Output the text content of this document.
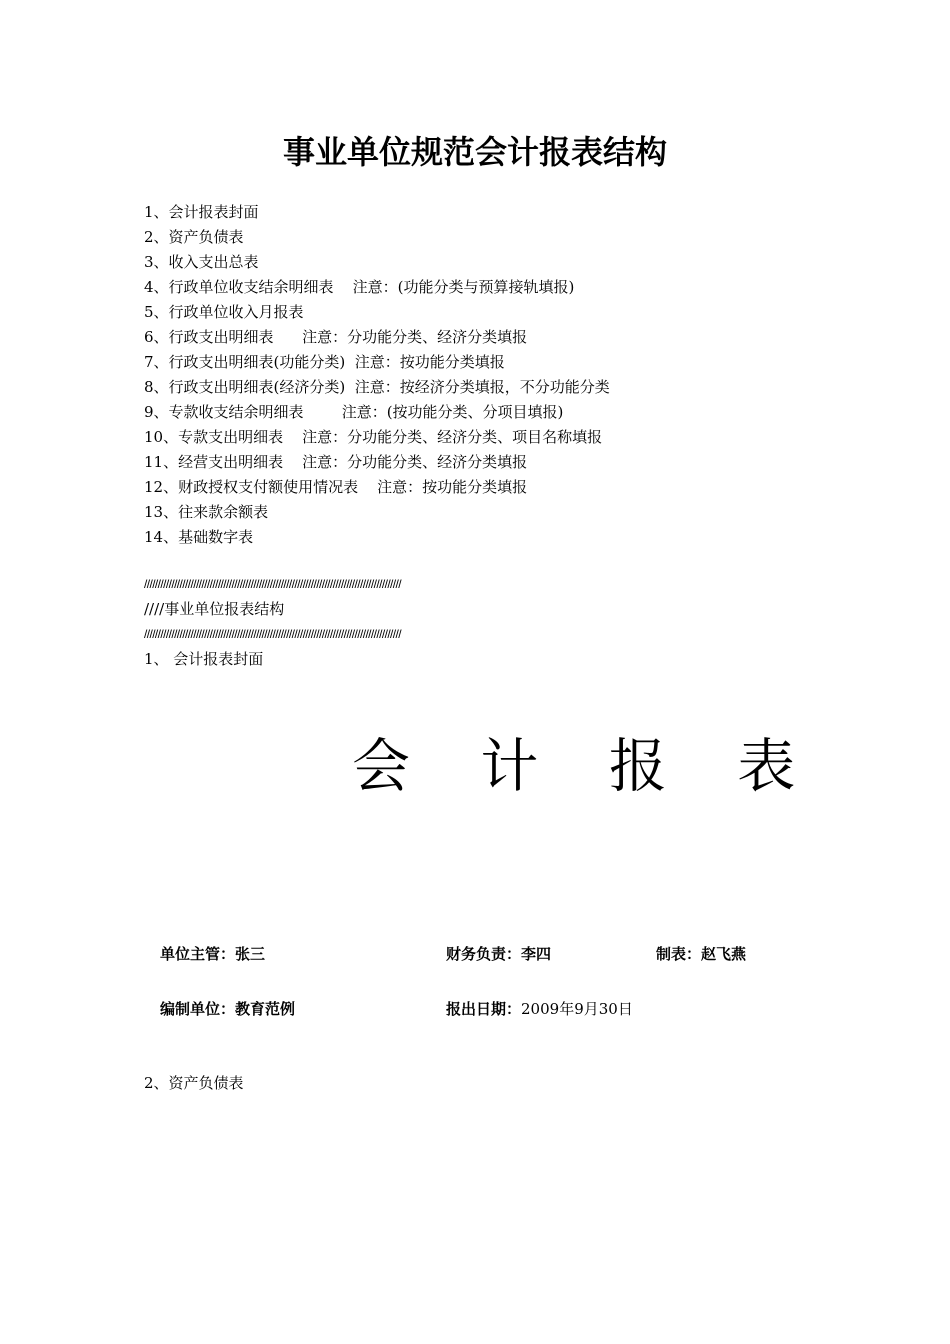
事业单位规范会计报表结构
1、会计报表封面
2、资产负债表
3、收入支出总表
4、行政单位收支结余明细表    注意：(功能分类与预算接轨填报)
5、行政单位收入月报表
6、行政支出明细表      注意：分功能分类、经济分类填报
7、行政支出明细表(功能分类)  注意：按功能分类填报
8、行政支出明细表(经济分类)  注意：按经济分类填报，不分功能分类
9、专款收支结余明细表        注意：(按功能分类、分项目填报)
10、专款支出明细表    注意：分功能分类、经济分类、项目名称填报
11、经营支出明细表    注意：分功能分类、经济分类填报
12、财政授权支付额使用情况表    注意：按功能分类填报
13、往来款余额表
14、基础数字表
//////////////////////////////////////////////////////////////////////////////////////////////
////事业单位报表结构
//////////////////////////////////////////////////////////////////////////////////////////////
1、 会计报表封面
会 计 报 表
单位主管：张三	财务负责：李四	制表：赵飞燕
编制单位：教育范例	报出日期：2009年9月30日
2、资产负债表
